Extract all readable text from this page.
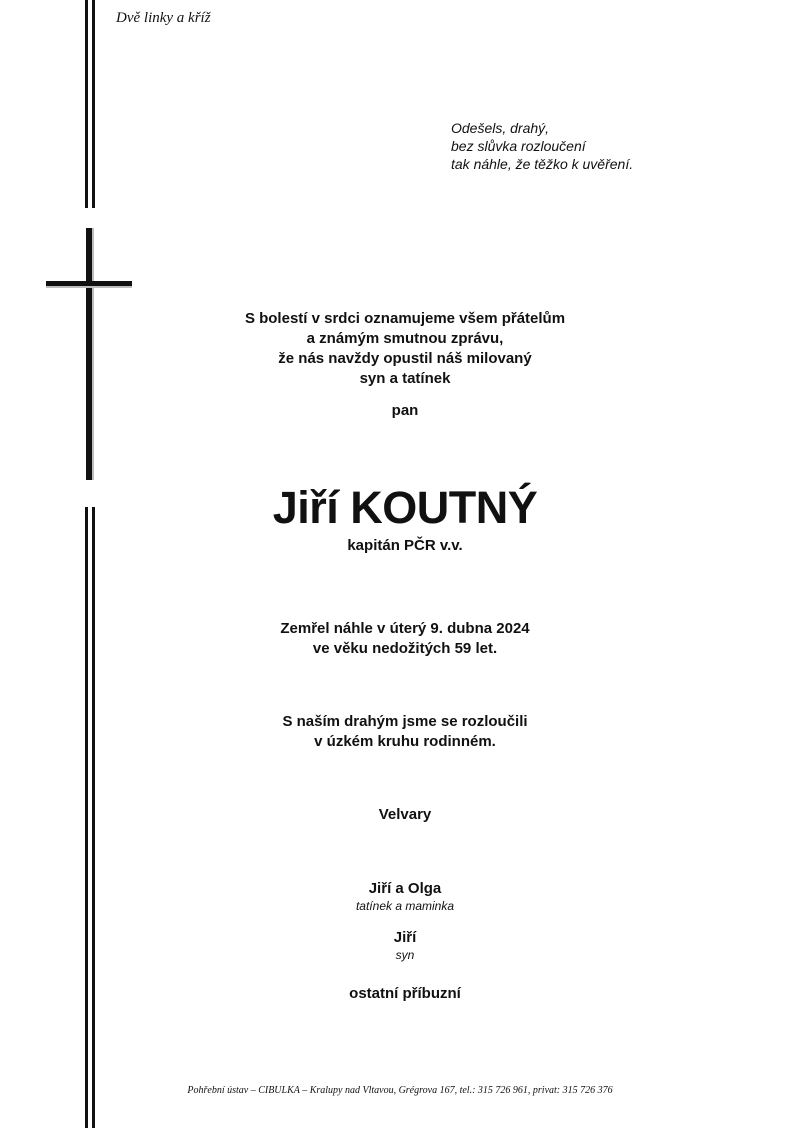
Dvě linky a kříž
Odešels, drahý,
bez slůvka rozloučení
tak náhle, že těžko k uvěření.
S bolestí v srdci oznamujeme všem přátelům
a známým smutnou zprávu,
že nás navždy opustil náš milovaný
syn a tatínek
pan
Jiří KOUTNÝ
kapitán PČR v.v.
Zemřel náhle v úterý 9. dubna 2024
ve věku nedožitých 59 let.
S naším drahým jsme se rozloučili
v úzkém kruhu rodinném.
Velvary
Jiří a Olga
tatínek a maminka
Jiří
syn
ostatní příbuzní
Pohřební ústav – CIBULKA – Kralupy nad Vltavou, Grégrova 167, tel.: 315 726 961, privat: 315 726 376
